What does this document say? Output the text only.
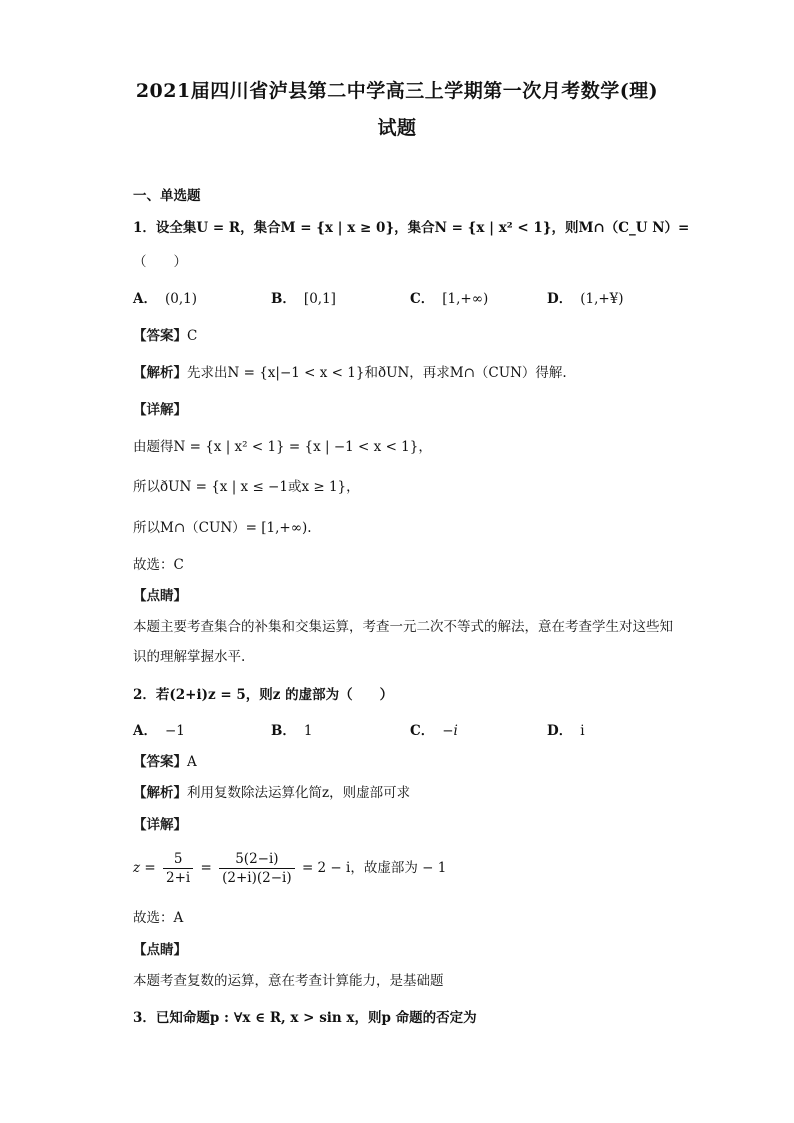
2021届四川省泸县第二中学高三上学期第一次月考数学(理)
试题
一、单选题
1．设全集U = R，集合M = {x | x ≥ 0}，集合N = {x | x² < 1}，则M∩（C_U N）=
（　　）
A． (0,1)	B． [0,1]	C． [1,+∞)	D． (1,+¥)
【答案】C
【解析】先求出N = {x|−1 < x < 1}和ðUN，再求M∩（CUN）得解.
【详解】
由题得N = {x | x² < 1} = {x | −1 < x < 1}，
所以ðUN = {x | x ≤ −1或x ≥ 1}，
所以M∩（CUN）= [1,+∞).
故选：C
【点睛】
本题主要考查集合的补集和交集运算，考查一元二次不等式的解法，意在考查学生对这些知识的理解掌握水平.
2．若(2+i)z = 5，则z 的虚部为（　　）
A． −1	B． 1	C． −i	D． i
【答案】A
【解析】利用复数除法运算化简z，则虚部可求
【详解】
$z = \frac{5}{2+i} = \frac{5(2-i)}{(2+i)(2-i)} = 2 - i$，故虚部为 − 1
故选：A
【点睛】
本题考查复数的运算，意在考查计算能力，是基础题
3．已知命题p : ∀x ∈ R, x > sin x，则p 命题的否定为
